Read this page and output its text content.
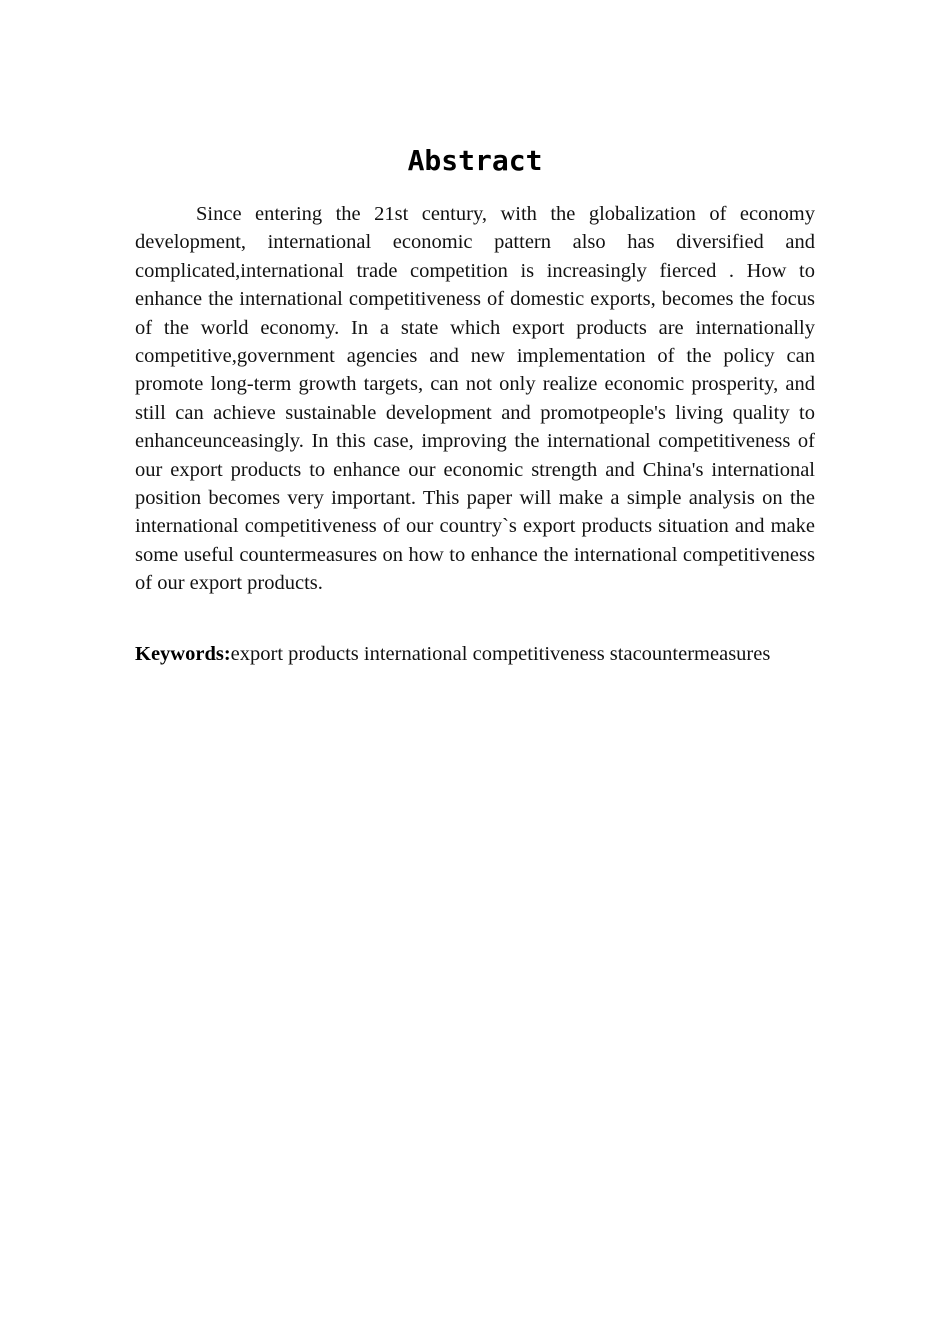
Abstract

Since entering the 21st century, with the globalization of economy development, international economic pattern also has diversified and complicated,international trade competition is increasingly fierced . How to enhance the international competitiveness of domestic exports, becomes the focus of the world economy. In a state which export products are internationally competitive,government agencies and new implementation of the policy can promote long-term growth targets, can not only realize economic prosperity, and still can achieve sustainable development and promotpeople's living quality to enhanceunceasingly. In this case, improving the international competitiveness of our export products to enhance our economic strength and China's international position becomes very important. This paper will make a simple analysis on the international competitiveness of our country`s export products situation and make some useful countermeasures on how to enhance the international competitiveness of our export products.

Keywords:export products international competitiveness stacountermeasures
